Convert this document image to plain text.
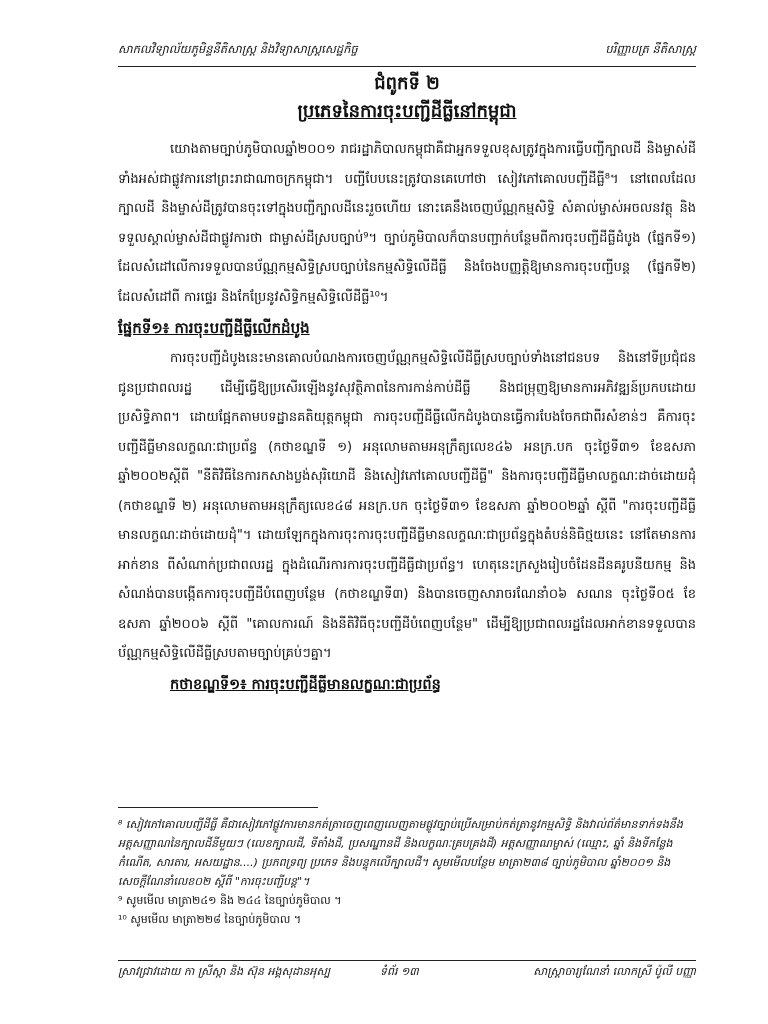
សាកលវិទ្យាល័យភូមិន្ទនីតិសាស្ត្រ និងវិទ្យាសាស្ត្រសេដ្ឋកិច្ច	បរិញ្ញាបត្រ នីតិសាស្ត្រ
ជំពូកទី ២
ប្រភេទនៃការចុះបញ្ជីដីធ្លីនៅកម្ពុជា

យោងតាមច្បាប់ភូមិបាលឆ្នាំ២០០១ រាជរដ្ឋាភិបាលកម្ពុជាគឺជាអ្នកទទួលខុសត្រូវក្នុងការធ្វើបញ្ជីក្បាលដី និងម្ចាស់ដីទាំងអស់ជាផ្លូវការនៅព្រះរាជាណាចក្រកម្ពុជា។ បញ្ជីបែបនេះត្រូវបានគេហៅថា សៀវភៅគោលបញ្ជីដីធ្លី⁸។ នៅពេលដែលក្បាលដី និងម្ចាស់ដីត្រូវបានចុះទៅក្នុងបញ្ជីក្បាលដីនេះរួចហើយ នោះគេនឹងចេញប័ណ្ណកម្មសិទ្ធិ សំគាល់ម្ចាស់អចលនវត្ថុ និងទទួលស្គាល់ម្ចាស់ដីជាផ្លូវការថា ជាម្ចាស់ដីស្របច្បាប់⁹។ ច្បាប់ភូមិបាលក៏បានបញ្ជាក់បន្ថែមពីការចុះបញ្ជីដីធ្លីដំបូង (ផ្នែកទី១) ដែលសំដៅលើការទទួលបានប័ណ្ណកម្មសិទ្ធិស្របច្បាប់នៃកម្មសិទ្ធិលើដីធ្លី និងចែងបញ្ញត្តិឱ្យមានការចុះបញ្ជីបន្ត (ផ្នែកទី២) ដែលសំដៅពី ការផ្ទេរ និងកែប្រែនូវសិទ្ធិកម្មសិទ្ធិលើដីធ្លី¹⁰។

ផ្នែកទី១៖ ការចុះបញ្ជីដីធ្លីលើកដំបូង

ការចុះបញ្ជីដំបូងនេះមានគោលបំណងការចេញប័ណ្ណកម្មសិទ្ធិលើដីធ្លីស្របច្បាប់ទាំងនៅជនបទ និងនៅទីប្រជុំជន ជូនប្រជាពលរដ្ឋ ដើម្បីធ្វើឱ្យប្រសើរឡើងនូវសុវត្ថិភាពនៃការកាន់កាប់ដីធ្លី និងជម្រុញឱ្យមានការអភិវឌ្ឍន៍ប្រកបដោយប្រសិទ្ធិភាព។ ដោយផ្អែកតាមបទដ្ឋានគតិយុត្តកម្ពុជា ការចុះបញ្ជីដីធ្លីលើកដំបូងបានធ្វើការបែងចែកជាពីរសំខាន់ៗ គឺការចុះបញ្ជីដីធ្លីមានលក្ខណៈជាប្រព័ន្ធ (កថាខណ្ឌទី ១) អនុលោមតាមអនុក្រឹត្យលេខ៤៦ អនក្រ.បក ចុះថ្ងៃទី៣១ ខែឧសភា ឆ្នាំ២០០២ស្ដីពី "នីតិវិធីនៃការកសាងប្លង់សុរិយោដី និងសៀវភៅគោលបញ្ជីដីធ្លី" និងការចុះបញ្ជីដីធ្លីមាលក្ខណៈដាច់ដោយដុំ (កថាខណ្ឌទី ២) អនុលោមតាមអនុក្រឹត្យលេខ៤៨ អនក្រ.បក ចុះថ្ងៃទី៣១ ខែឧសភា ឆ្នាំ២០០២ឆ្នាំ ស្ដីពី "ការចុះបញ្ជីដីធ្លីមានលក្ខណៈដាច់ដោយដុំ"។ ដោយឡែកក្នុងការចុះការចុះបញ្ជីដីធ្លីមានលក្ខណៈជាប្រព័ន្ធក្នុងតំបន់និធិថ្មយនេះ នៅតែមានការអាក់ខាន ពីសំណាក់ប្រជាពលរដ្ឋ ក្នុងដំណើរការការចុះបញ្ជីដីធ្លីជាប្រព័ន្ធ។ ហេតុនេះក្រសួងរៀបចំដែនដីនគរូបនីយកម្ម និងសំណង់បានបង្កើតការចុះបញ្ជីដីបំពេញបន្ថែម (កថាខណ្ឌទី៣) និងបានចេញសារាចរណែនាំ០៦ សណន ចុះថ្ងៃទី០៥ ខែឧសភា ឆ្នាំ២០០៦ ស្ដីពី "គោលការណ៍ និងនីតិវិធីចុះបញ្ជីដីបំពេញបន្ថែម" ដើម្បីឱ្យប្រជាពលរដ្ឋដែលអាក់ខានទទួលបានប័ណ្ណកម្មសិទ្ធិលើដីធ្លីស្របតាមច្បាប់គ្រប់ៗគ្នា។

កថាខណ្ឌទី១៖ ការចុះបញ្ជីដីធ្លីមានលក្ខណៈជាប្រព័ន្ធ

⁸ សៀវភៅគោលបញ្ជីដីធ្លី គឺជាសៀវភៅផ្លូវការមានកត់ត្រាចេញពេញលេញតាមផ្លូវច្បាប់ប្រើសម្រាប់កត់ត្រានូវកម្មសិទ្ធិ និងវាល់ព័ត៌មានទាក់ទងនឹងអត្តសញ្ញាណនៃក្បាលដីនីមួយៗ (លេខក្បាលដី, ទីតាំងដី, ប្រសណ្ឋានដី និងលក្ខណៈគ្របគ្រងដី) អត្តសញ្ញាណម្ចាស់ (ឈ្មោះ, ឆ្នាំ និងទីកន្លែងកំណើត, សារតារ, អសយដ្ឋាន....) ប្រភពទ្រព្យ ប្រភេទ និងបន្ទុកលើក្បាលដី។ សូមមើលបន្ថែម មាត្រា២៣៨ ច្បាប់ភូមិបាល ឆ្នាំ២០០១ និង សេចក្ដីណែនាំលេខ០២ ស្ដីពី "ការចុះបញ្ជីបន្ត"។

⁹ សូមមើល មាត្រា២៤១ និង ២៤៤ នៃច្បាប់ភូមិបាល ។

¹⁰ សូមមើល មាត្រា២២៨ នៃច្បាប់ភូមិបាល ។

ស្រាវជ្រាវដោយ កា ស្រីស្កា និង ស៊ុន អង្គសុដានអុស្ប	ទំព័រ ១៣	សាស្ត្រាចារ្យណែនាំ លោកស្រី ប៉ូលី បញ្ញា
